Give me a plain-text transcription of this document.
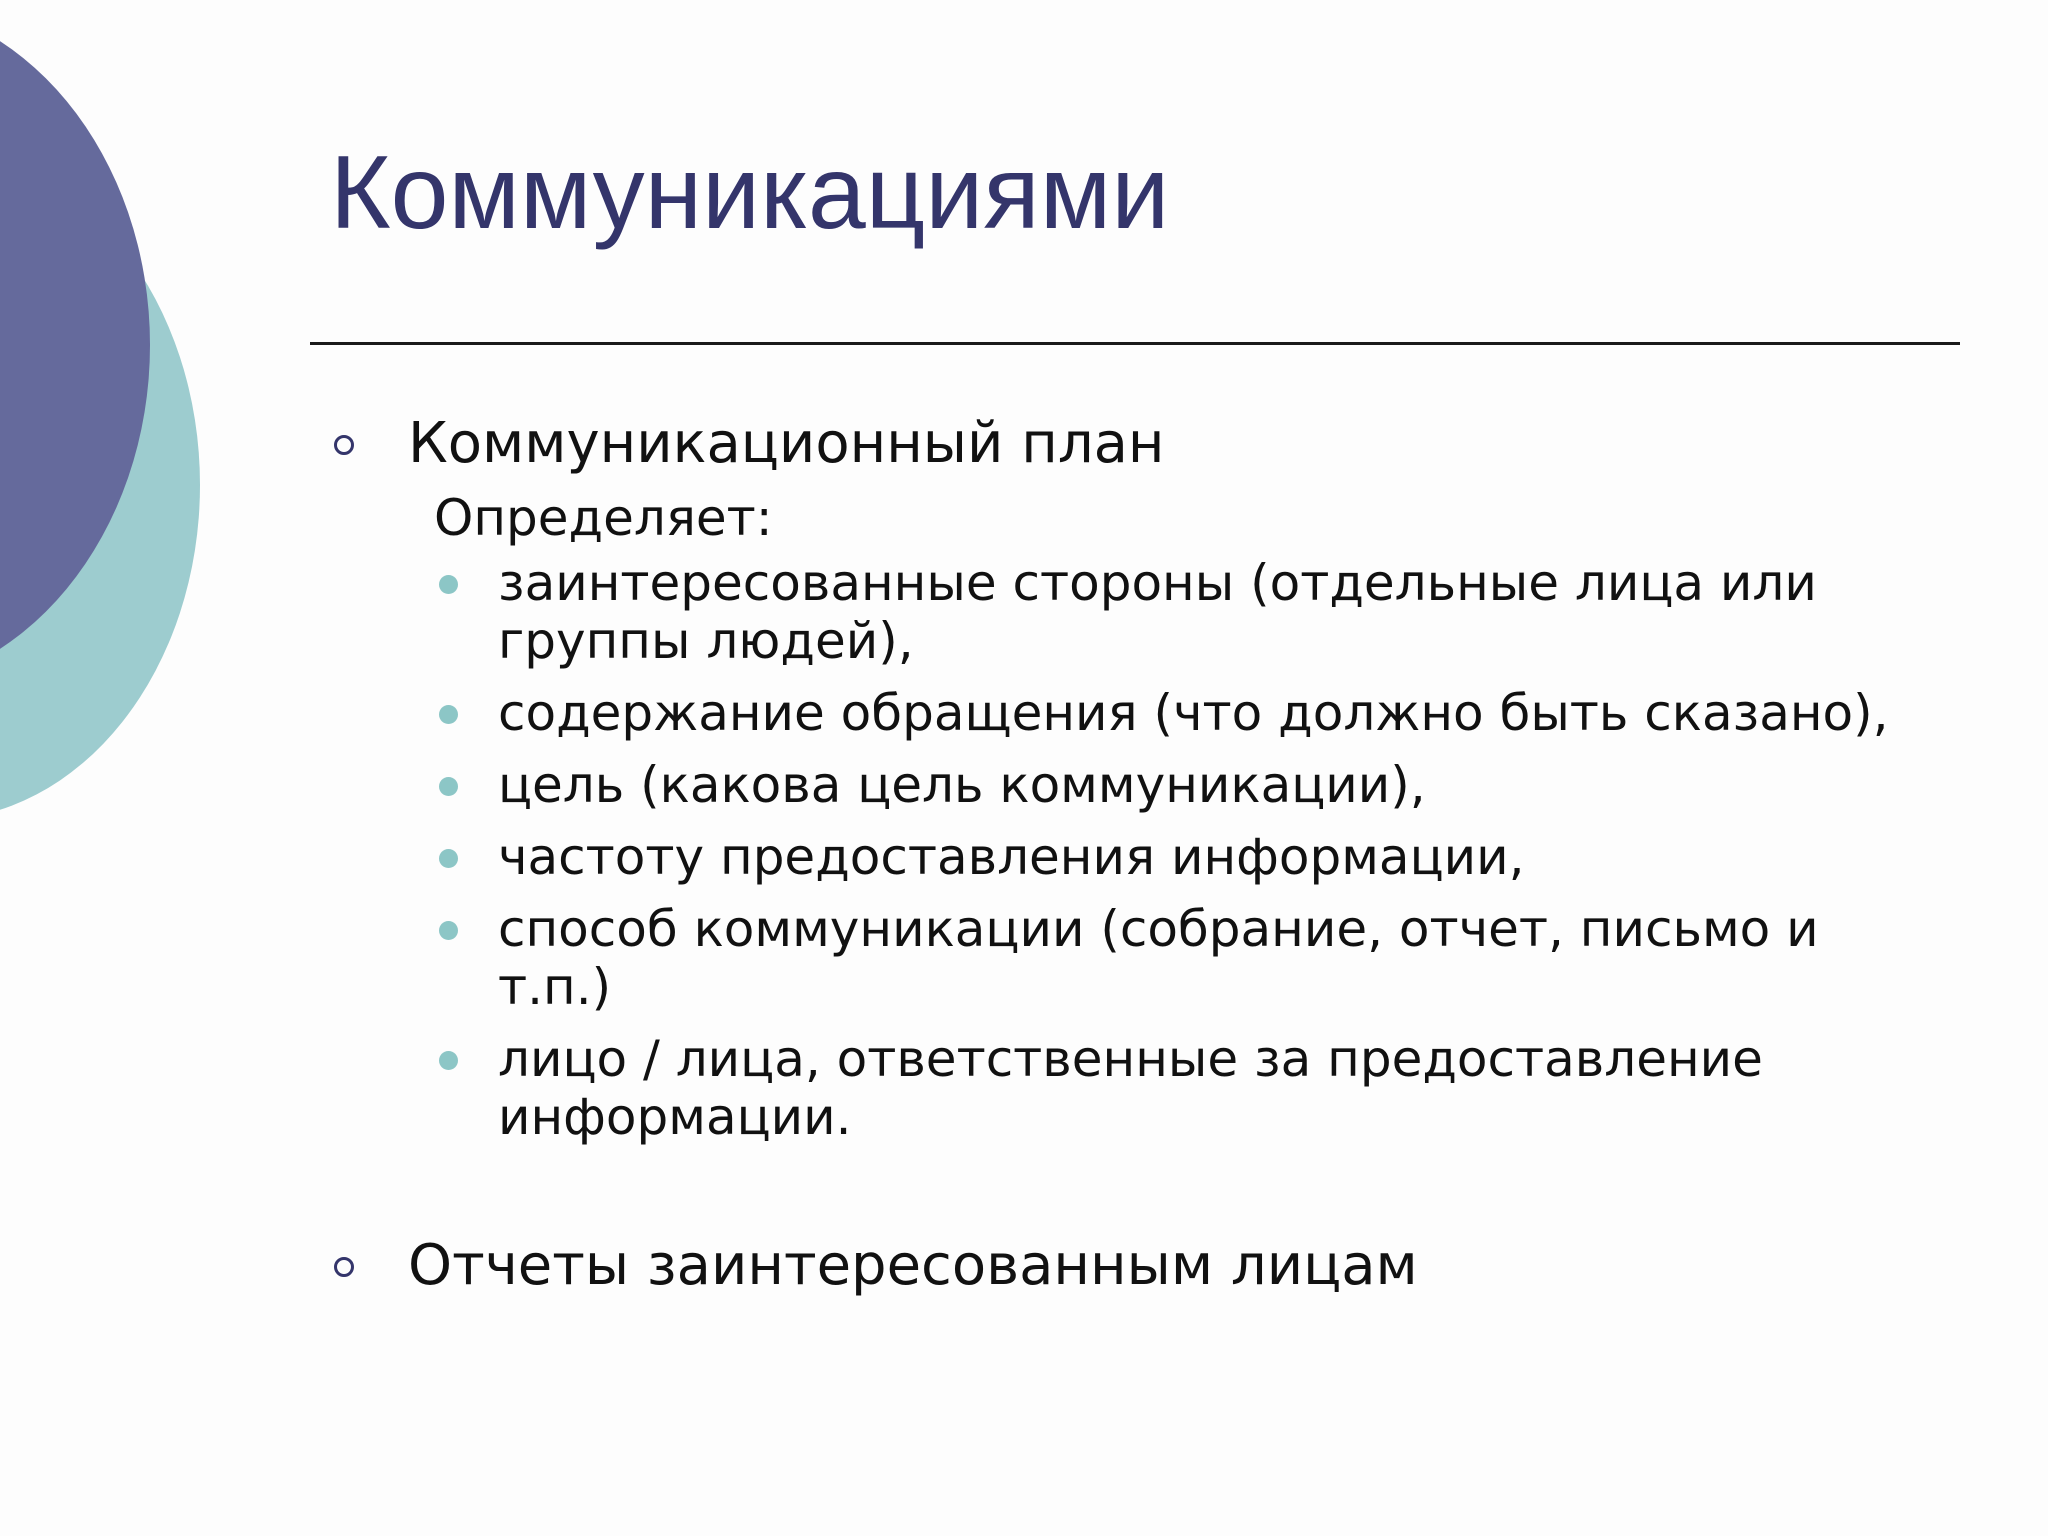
Коммуникациями
Коммуникационный план
Определяет:
заинтересованные стороны (отдельные лица или группы людей),
содержание обращения (что должно быть сказано),
цель (какова цель коммуникации),
частоту предоставления информации,
способ коммуникации (собрание, отчет, письмо и т.п.)
лицо / лица, ответственные за предоставление информации.
Отчеты заинтересованным лицам
